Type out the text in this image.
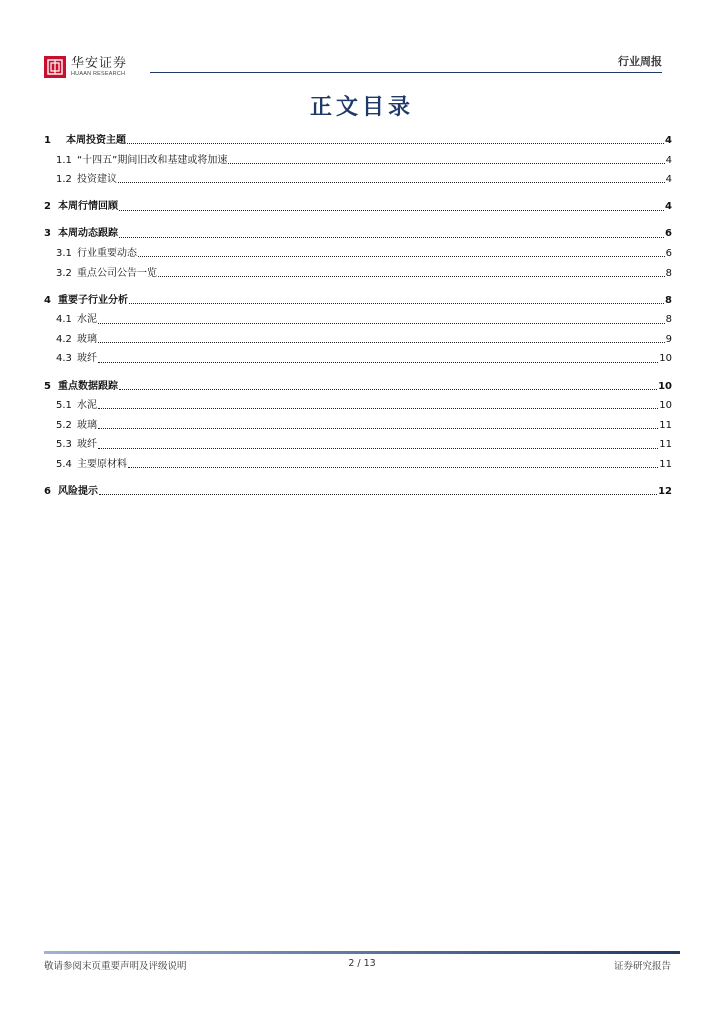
华安证券
HUAAN RESEARCH
行业周报
正文目录
1	本周投资主题	4
1.1 “十四五”期间旧改和基建或将加速	4
1.2 投资建议	4
2 本周行情回顾	4
3 本周动态跟踪	6
3.1 行业重要动态	6
3.2 重点公司公告一览	8
4 重要子行业分析	8
4.1 水泥	8
4.2 玻璃	9
4.3 玻纤	10
5 重点数据跟踪	10
5.1 水泥	10
5.2 玻璃	11
5.3 玻纤	11
5.4 主要原材料	11
6 风险提示	12
敬请参阅末页重要声明及评级说明	2 / 13	证券研究报告
